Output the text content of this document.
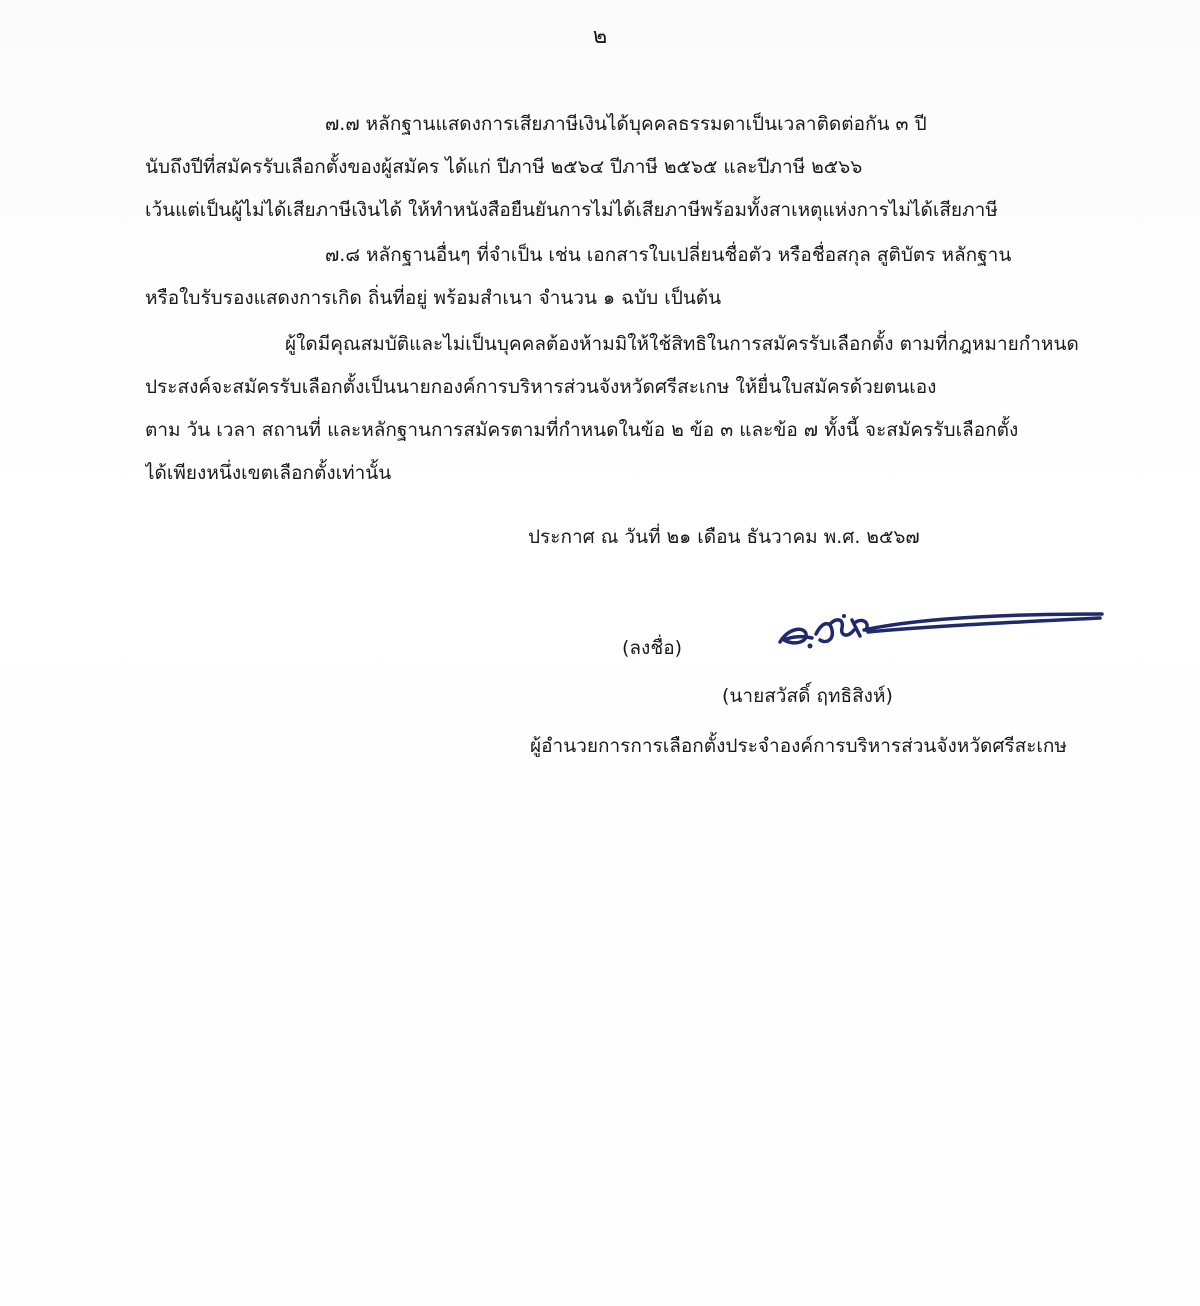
๒

๗.๗ หลักฐานแสดงการเสียภาษีเงินได้บุคคลธรรมดาเป็นเวลาติดต่อกัน ๓ ปี
นับถึงปีที่สมัครรับเลือกตั้งของผู้สมัคร ได้แก่ ปีภาษี ๒๕๖๔ ปีภาษี ๒๕๖๕ และปีภาษี ๒๕๖๖
เว้นแต่เป็นผู้ไม่ได้เสียภาษีเงินได้ ให้ทำหนังสือยืนยันการไม่ได้เสียภาษีพร้อมทั้งสาเหตุแห่งการไม่ได้เสียภาษี

๗.๘ หลักฐานอื่นๆ ที่จำเป็น เช่น เอกสารใบเปลี่ยนชื่อตัว หรือชื่อสกุล สูติบัตร หลักฐาน
หรือใบรับรองแสดงการเกิด ถิ่นที่อยู่ พร้อมสำเนา จำนวน ๑ ฉบับ เป็นต้น

ผู้ใดมีคุณสมบัติและไม่เป็นบุคคลต้องห้ามมิให้ใช้สิทธิในการสมัครรับเลือกตั้ง ตามที่กฎหมายกำหนด
ประสงค์จะสมัครรับเลือกตั้งเป็นนายกองค์การบริหารส่วนจังหวัดศรีสะเกษ ให้ยื่นใบสมัครด้วยตนเอง
ตาม วัน เวลา สถานที่ และหลักฐานการสมัครตามที่กำหนดในข้อ ๒ ข้อ ๓ และข้อ ๗ ทั้งนี้ จะสมัครรับเลือกตั้ง
ได้เพียงหนึ่งเขตเลือกตั้งเท่านั้น

ประกาศ ณ วันที่ ๒๑ เดือน ธันวาคม พ.ศ. ๒๕๖๗
(ลงชื่อ)
(นายสวัสดิ์ ฤทธิสิงห์)
ผู้อำนวยการการเลือกตั้งประจำองค์การบริหารส่วนจังหวัดศรีสะเกษ
